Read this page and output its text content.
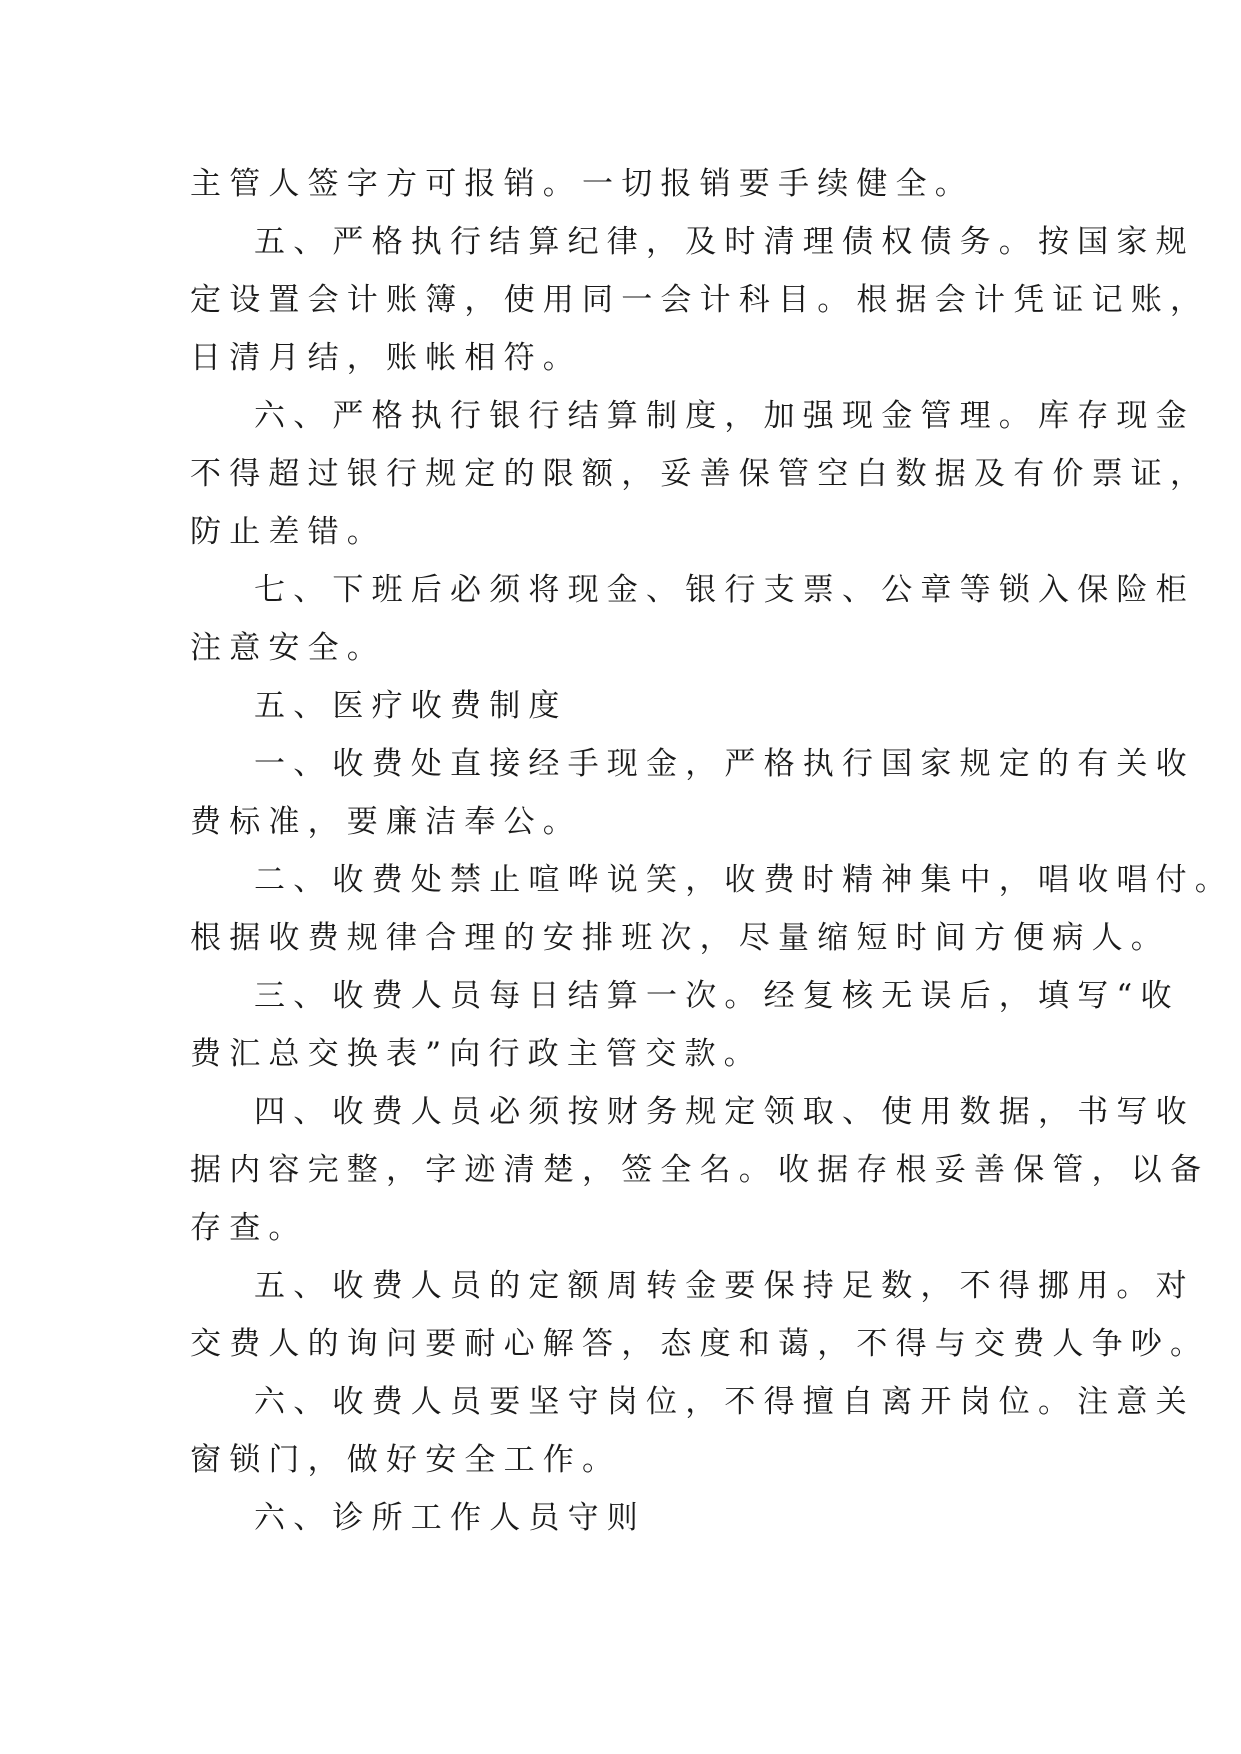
主管人签字方可报销。一切报销要手续健全。
五、严格执行结算纪律，及时清理债权债务。按国家规
定设置会计账簿，使用同一会计科目。根据会计凭证记账，
日清月结，账帐相符。
六、严格执行银行结算制度，加强现金管理。库存现金
不得超过银行规定的限额，妥善保管空白数据及有价票证，
防止差错。
七、下班后必须将现金、银行支票、公章等锁入保险柜
注意安全。
五、医疗收费制度
一、收费处直接经手现金，严格执行国家规定的有关收
费标准，要廉洁奉公。
二、收费处禁止喧哗说笑，收费时精神集中，唱收唱付。
根据收费规律合理的安排班次，尽量缩短时间方便病人。
三、收费人员每日结算一次。经复核无误后，填写“收
费汇总交换表”向行政主管交款。
四、收费人员必须按财务规定领取、使用数据，书写收
据内容完整，字迹清楚，签全名。收据存根妥善保管，以备
存查。
五、收费人员的定额周转金要保持足数，不得挪用。对
交费人的询问要耐心解答，态度和蔼，不得与交费人争吵。
六、收费人员要坚守岗位，不得擅自离开岗位。注意关
窗锁门，做好安全工作。
六、诊所工作人员守则
